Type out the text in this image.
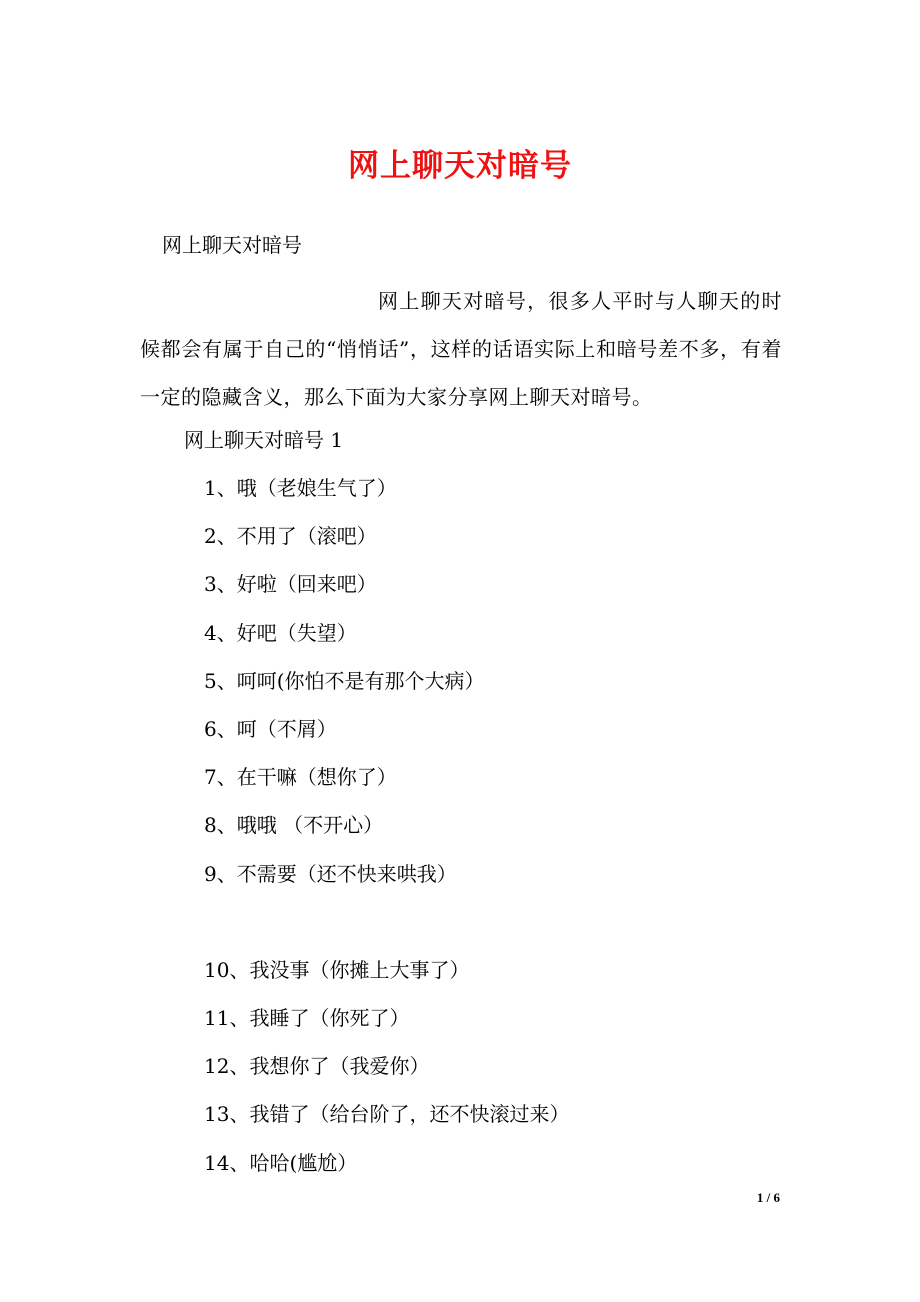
网上聊天对暗号
网上聊天对暗号
网上聊天对暗号，很多人平时与人聊天的时候都会有属于自己的“悄悄话”，这样的话语实际上和暗号差不多，有着一定的隐藏含义，那么下面为大家分享网上聊天对暗号。
网上聊天对暗号 1
1、哦（老娘生气了）
2、不用了（滚吧）
3、好啦（回来吧）
4、好吧（失望）
5、呵呵(你怕不是有那个大病）
6、呵（不屑）
7、在干嘛（想你了）
8、哦哦 （不开心）
9、不需要（还不快来哄我）
10、我没事（你摊上大事了）
11、我睡了（你死了）
12、我想你了（我爱你）
13、我错了（给台阶了，还不快滚过来）
14、哈哈(尴尬）
1 / 6
